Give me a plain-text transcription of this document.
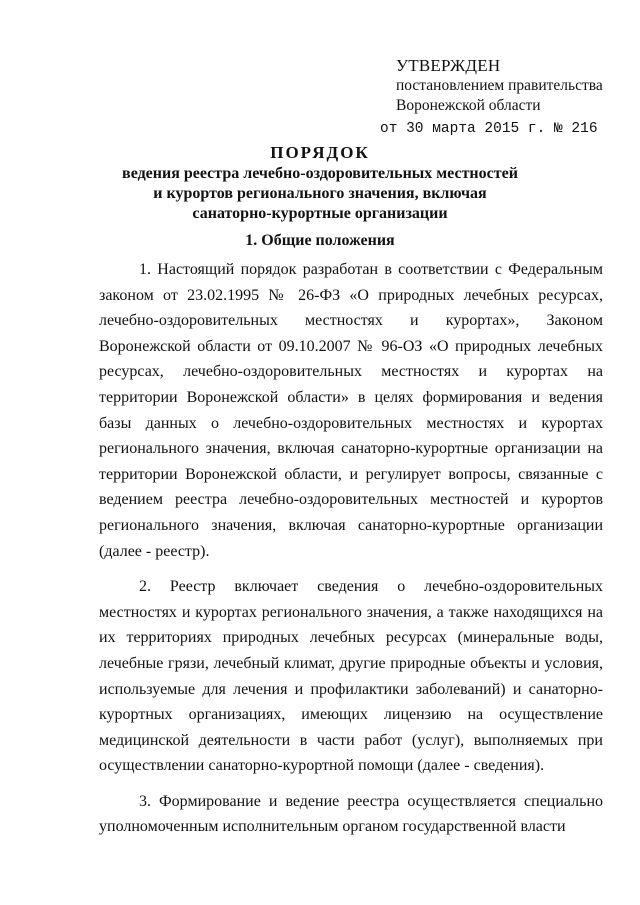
УТВЕРЖДЕН
постановлением правительства
Воронежской области
от 30 марта 2015 г. № 216
ПОРЯДОК
ведения реестра лечебно-оздоровительных местностей
и курортов регионального значения, включая
санаторно-курортные организации
1. Общие положения

1. Настоящий порядок разработан в соответствии с Федеральным законом от 23.02.1995 № 26-ФЗ «О природных лечебных ресурсах, лечебно-оздоровительных местностях и курортах», Законом Воронежской области от 09.10.2007 № 96-ОЗ «О природных лечебных ресурсах, лечебно-оздоровительных местностях и курортах на территории Воронежской области» в целях формирования и ведения базы данных о лечебно-оздоровительных местностях и курортах регионального значения, включая санаторно-курортные организации на территории Воронежской области, и регулирует вопросы, связанные с ведением реестра лечебно-оздоровительных местностей и курортов регионального значения, включая санаторно-курортные организации (далее - реестр).

2. Реестр включает сведения о лечебно-оздоровительных местностях и курортах регионального значения, а также находящихся на их территориях природных лечебных ресурсах (минеральные воды, лечебные грязи, лечебный климат, другие природные объекты и условия, используемые для лечения и профилактики заболеваний) и санаторно-курортных организациях, имеющих лицензию на осуществление медицинской деятельности в части работ (услуг), выполняемых при осуществлении санаторно-курортной помощи (далее - сведения).

3. Формирование и ведение реестра осуществляется специально уполномоченным исполнительным органом государственной власти
